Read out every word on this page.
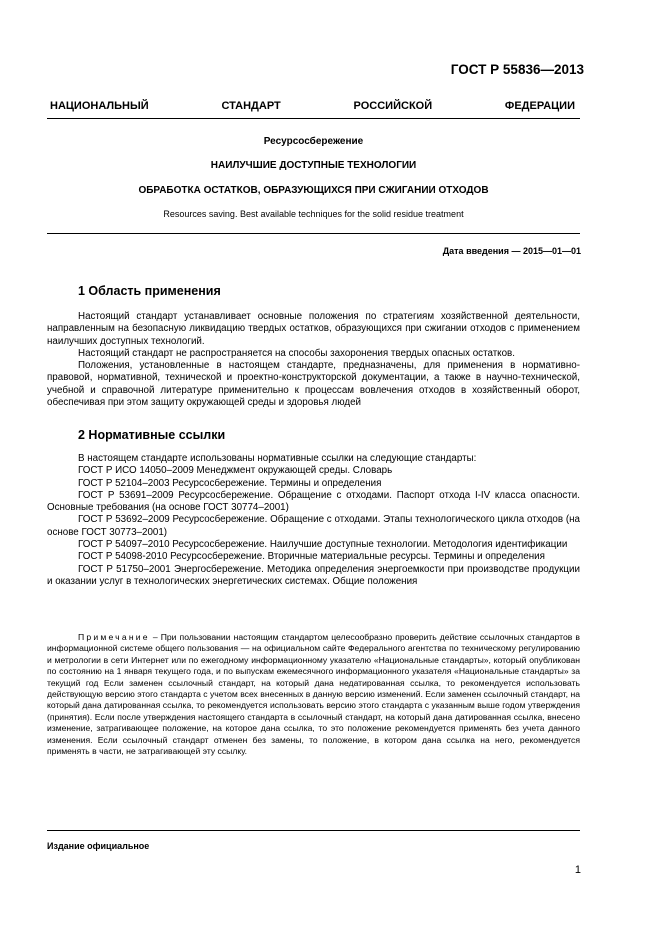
ГОСТ Р 55836—2013
НАЦИОНАЛЬНЫЙ СТАНДАРТ РОССИЙСКОЙ ФЕДЕРАЦИИ
Ресурсосбережение
НАИЛУЧШИЕ ДОСТУПНЫЕ ТЕХНОЛОГИИ
ОБРАБОТКА ОСТАТКОВ, ОБРАЗУЮЩИХСЯ ПРИ СЖИГАНИИ ОТХОДОВ
Resources saving. Best available techniques for the solid residue treatment
Дата введения — 2015—01—01
1 Область применения

Настоящий стандарт устанавливает основные положения по стратегиям хозяйственной деятельности, направленным на безопасную ликвидацию твердых остатков, образующихся при сжигании отходов с применением наилучших доступных технологий.

Настоящий стандарт не распространяется на способы захоронения твердых опасных остатков.

Положения, установленные в настоящем стандарте, предназначены, для применения в нормативно-правовой, нормативной, технической и проектно-конструкторской документации, а также в научно-технической, учебной и справочной литературе применительно к процессам вовлечения отходов в хозяйственный оборот, обеспечивая при этом защиту окружающей среды и здоровья людей

2 Нормативные ссылки

В настоящем стандарте использованы нормативные ссылки на следующие стандарты:

ГОСТ Р ИСО 14050–2009 Менеджмент окружающей среды. Словарь

ГОСТ Р 52104–2003 Ресурсосбережение. Термины и определения

ГОСТ Р 53691–2009 Ресурсосбережение. Обращение с отходами. Паспорт отхода I-IV класса опасности. Основные требования (на основе ГОСТ 30774–2001)

ГОСТ Р 53692–2009 Ресурсосбережение. Обращение с отходами. Этапы технологического цикла отходов (на основе ГОСТ 30773–2001)

ГОСТ Р 54097–2010 Ресурсосбережение. Наилучшие доступные технологии. Методология идентификации

ГОСТ Р 54098-2010 Ресурсосбережение. Вторичные материальные ресурсы. Термины и определения

ГОСТ Р 51750–2001 Энергосбережение. Методика определения энергоемкости при производстве продукции и оказании услуг в технологических энергетических системах. Общие положения

Примечание – При пользовании настоящим стандартом целесообразно проверить действие ссылочных стандартов в информационной системе общего пользования — на официальном сайте Федерального агентства по техническому регулированию и метрологии в сети Интернет или по ежегодному информационному указателю «Национальные стандарты», который опубликован по состоянию на 1 января текущего года, и по выпускам ежемесячного информационного указателя «Национальные стандарты» за текущий год Если заменен ссылочный стандарт, на который дана недатированная ссылка, то рекомендуется использовать действующую версию этого стандарта с учетом всех внесенных в данную версию изменений. Если заменен ссылочный стандарт, на который дана датированная ссылка, то рекомендуется использовать версию этого стандарта с указанным выше годом утверждения (принятия). Если после утверждения настоящего стандарта в ссылочный стандарт, на который дана датированная ссылка, внесено изменение, затрагивающее положение, на которое дана ссылка, то это положение рекомендуется применять без учета данного изменения. Если ссылочный стандарт отменен без замены, то положение, в котором дана ссылка на него, рекомендуется применять в части, не затрагивающей эту ссылку.

Издание официальное
1
